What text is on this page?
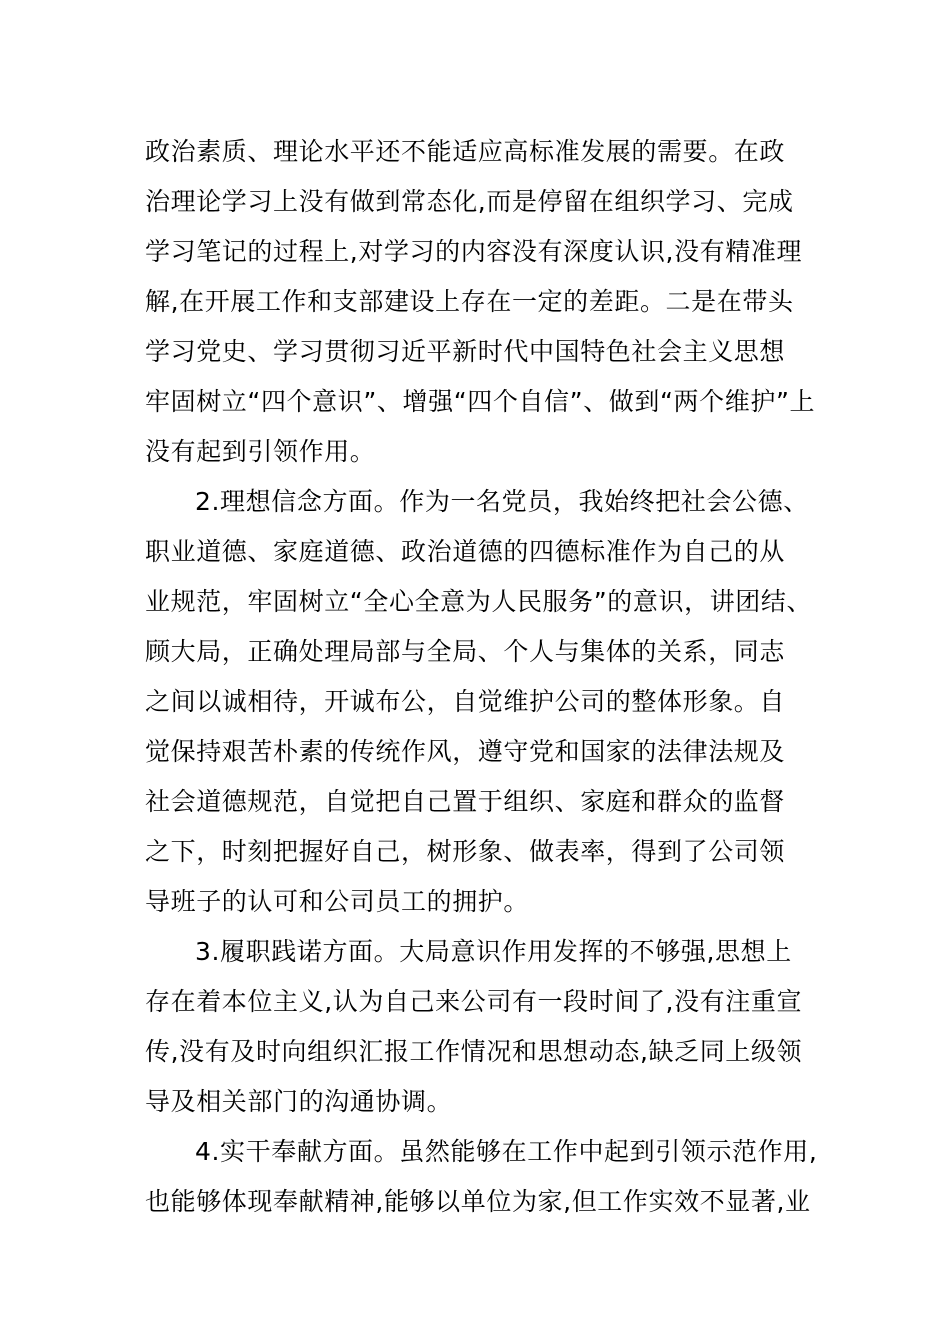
政治素质、理论水平还不能适应高标准发展的需要。在政
治理论学习上没有做到常态化,而是停留在组织学习、完成
学习笔记的过程上,对学习的内容没有深度认识,没有精准理
解,在开展工作和支部建设上存在一定的差距。二是在带头
学习党史、学习贯彻习近平新时代中国特色社会主义思想
牢固树立“四个意识”、增强“四个自信”、做到“两个维护”上
没有起到引领作用。
2.理想信念方面。作为一名党员，我始终把社会公德、
职业道德、家庭道德、政治道德的四德标准作为自己的从
业规范，牢固树立“全心全意为人民服务”的意识，讲团结、
顾大局，正确处理局部与全局、个人与集体的关系，同志
之间以诚相待，开诚布公，自觉维护公司的整体形象。自
觉保持艰苦朴素的传统作风，遵守党和国家的法律法规及
社会道德规范，自觉把自己置于组织、家庭和群众的监督
之下，时刻把握好自己，树形象、做表率，得到了公司领
导班子的认可和公司员工的拥护。
3.履职践诺方面。大局意识作用发挥的不够强,思想上
存在着本位主义,认为自己来公司有一段时间了,没有注重宣
传,没有及时向组织汇报工作情况和思想动态,缺乏同上级领
导及相关部门的沟通协调。
4.实干奉献方面。虽然能够在工作中起到引领示范作用,
也能够体现奉献精神,能够以单位为家,但工作实效不显著,业
